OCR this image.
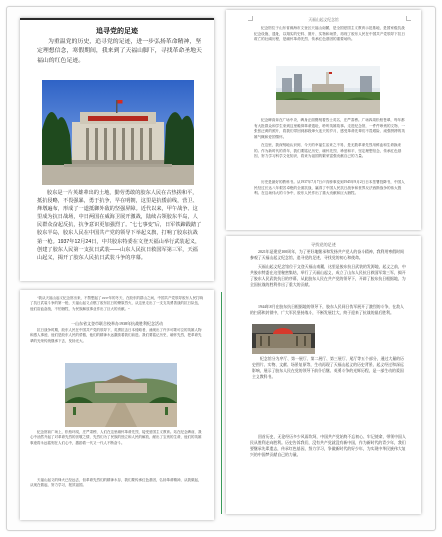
追寻党的足迹
为重温党的历史，追寻党的足迹，进一步弘扬革命精神，坚定理想信念，寒假期间，我来到了天福山脚下，寻找革命圣地天福山的红色足迹。
胶东是一片英雄辈出的土地，勤劳勇敢的胶东人民在古热搓和平，抵抗侵略，不畏强暴，勇于抗争，早在明朝，这里是抗倭前线，营卫、烽墩遍布，形成了一道抵御外敌的坚强屏障。近代以来，甲午战争、这里成为抗日战场，中日两国在威海卫展开激战，陆续占领胶东半岛，人民群众奋起反抗，抗争意识更加强烈了。“七七事变”后，日军铁蹄践踏了胶东半岛，胶东人民在中国共产党的领导下举起义旗，打响了胶东抗战第一枪。1937年12月24日，中共胶东特委在文登天福山举行武装起义，创建了胶东人民第一支抗日武装——山东人民抗日救国军第三军，天福山起义，揭开了胶东人民抗日武装斗争的序幕。
天福山起义纪念馆
纪念馆位于山东省威海市文登区天福山南麓，是全国爱国主义教育示范基地，是国家级抗战纪念设施、遗址，以翔实的史料、图片、实物和场景，再现了胶东人民在中国共产党领导下抗日救亡的壮阔历程，是缅怀革命先烈、传承红色基因的重要场所。
纪念碑高耸在广场中央，碑身正面镌刻着烈士英名，庄严肃穆。广场四周松柏苍翠，每年都有大批群众和学生来到这里瞻仰革命遗址，聆听英雄故事。走进纪念馆，一件件珍贵的文物、一张张泛黄的照片，将我们带回到那段烽火连天的岁月，感受革命先辈们不畏艰险、顽强拼搏的英雄气概和爱国情怀。
在这里，我深刻地认识到，今天的幸福生活来之不易，是无数革命先烈用鲜血和生命换来的。作为新时代的青年，我们要铭记历史、缅怀先烈、珍爱和平，坚定理想信念，传承红色基因，努力学习科学文化知识，将来为祖国的繁荣富强贡献自己的力量。
历史是最好的教科书。从1937年7月7日卢沟桥事变到1945年9月2日日本签署投降书，中国人民经过长达八年艰苦卓绝的全面抗战，赢得了中国人民抗日战争和世界反法西斯战争的伟大胜利。在这场伟大的斗争中，胶东人民作出了重大贡献和巨大牺牲。
寻找党的足迹
2021年是建党100周年，为了更好地继承和发扬共产党人的奋斗精神，我利用寒假时间参观了天福山起义纪念馆，追寻党的足迹，寻找党的初心和使命。
天福山起义纪念馆位于文登天福山南麓，这里是胶东抗日武装的发源地，起义之前，中共胶东特委在这里秘密集结，举行了天福山起义，成立了山东人民抗日救国军第三军，揭开了胶东人民武装抗日的序幕，从此胶东人民在共产党的领导下，开辟了胶东抗日根据地，为全国抗战的胜利作出了重大的贡献。
1944年8月在胶东抗日根据地的领导下，胶东人民同日伪军展开了激烈的斗争，在敌人的扫荡和封锁中，广大军民坚持战斗，不断发展壮大，终于迎来了抗战的最后胜利。
纪念馆分为序厅、第一展厅、第二展厅、第三展厅、尾厅等五个部分，通过大量的历史图片、实物、文献、场景复原等，生动再现了天福山起义的历史背景、起义经过和深远影响，展示了胶东人民在党的领导下前仆后继、英勇斗争的光辉历程，是一部生动的爱国主义教科书。
回首历史，无论经历多少风雨坎坷，中国共产党始终不忘初心、牢记使命，带领中国人民从胜利走向胜利。历史告诉我们，没有共产党就没有新中国，作为新时代的青少年，我们要继承先辈遗志，传承红色基因，努力学习，争做新时代的好少年，为实现中华民族伟大复兴的中国梦贡献自己的力量。
“我从天福山起义纪念馆出来，不禁想起了1937年的冬天，在胶东的群山之间，中国共产党领导胶东人民打响了抗日武装斗争的第一枪，天福山起义点燃了胶东抗日的燎原烈火，从这里走出了一支支英勇善战的抗日队伍，他们浴血奋战，不怕牺牲，为民族解放事业作出了巨大的贡献。”
一山东省文登市联合校举办1938年抗战胜利纪念活动
抗日战争时期，胶东人民在中国共产党的领导下，英勇抗击日本侵略者，涌现出了许多可歌可泣的英雄人物和感人事迹，他们是胶东人民的骄傲，他们的精神永远激励着我们前进。我们要铭记历史，缅怀先烈，把革命先辈的光荣传统继承下去，发扬光大。
纪念馆前广场上，松柏环绕，庄严肃穆，人们在这里缅怀革命先烈，接受爱国主义教育。站在纪念碑前，我心中油然升起了对革命先烈的崇敬之情，先烈们为了民族的独立和人民的解放，献出了宝贵的生命，他们的英雄事迹将永远铭刻在人们心中，激励着一代又一代人不断奋斗。
天福山起义的烽火已经远去，但革命先烈们的精神永存，我们要传承红色基因，弘扬革命精神，从我做起，从现在做起，努力学习，报效祖国。
